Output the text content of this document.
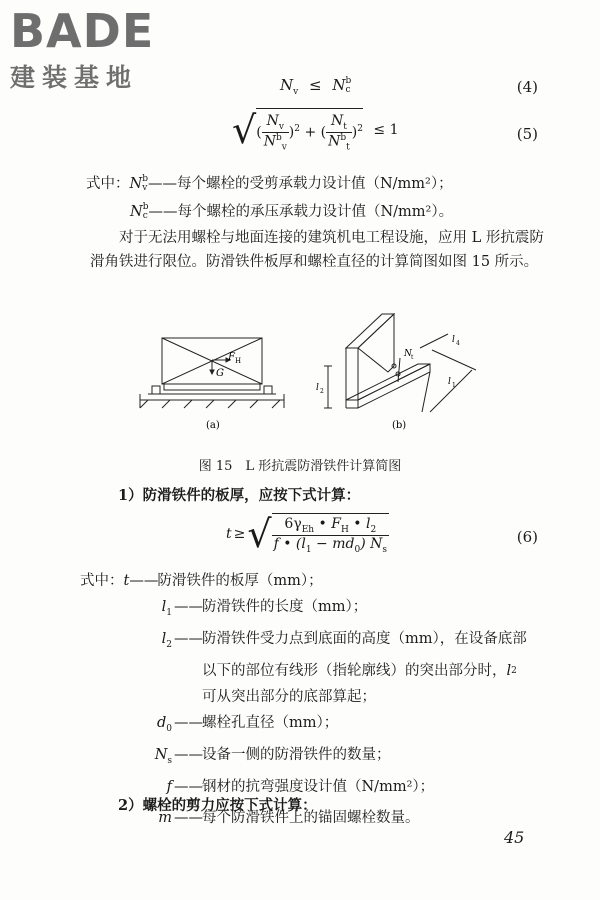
BADE
建装基地	$N_v \le N$ b
c	(4)
√( $\frac{N_v}{N^b_v} )^2$ + ( $\frac{N_t}{N^b_t} )^2 \le 1$	(5)
式中：N b
v ——每个螺栓的受剪承载力设计值（N/mm²）；
N b
c ——每个螺栓的承压承载力设计值（N/mm²）。
对于无法用螺栓与地面连接的建筑机电工程设施，应用 L 形抗震防滑角铁进行限位。防滑铁件板厚和螺栓直径的计算简图如图 15 所示。
F H
G
(a)
N t
l 4
l 1
l 2
(b)
图 15　L 形抗震防滑铁件计算简图
1）防滑铁件的板厚，应按下式计算：
t ≥√ $\frac{6\gamma_{Eh} • F_H • l_2}{f • (l_1 - md_0) N_s}$	(6)
式中： t —— 防滑铁件的板厚（mm）；
$l_1$ —— 防滑铁件的长度（mm）；
$l_2$ —— 防滑铁件受力点到底面的高度（mm），在设备底部
以下的部位有线形（指轮廓线）的突出部分时， l 2
可从突出部分的底部算起；
$d_0$ —— 螺栓孔直径（mm）；
$N_s$ —— 设备一侧的防滑铁件的数量；
f —— 钢材的抗弯强度设计值（N/mm²）；
m —— 每个防滑铁件上的锚固螺栓数量。
2）螺栓的剪力应按下式计算：
45
